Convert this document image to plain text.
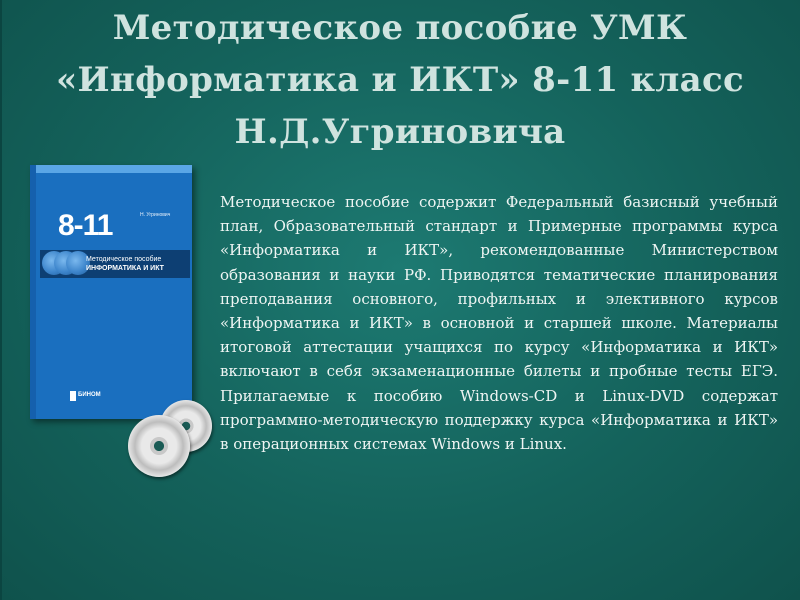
Методическое пособие УМК
«Информатика и ИКТ» 8-11 класс
Н.Д.Угриновича
8-11	Н. Угринович
Методическое пособие
ИНФОРМАТИКА И ИКТ
БИНОМ
Методическое пособие содержит Федеральный базисный учебный план, Образовательный стандарт и Примерные программы курса «Информатика и ИКТ», рекомендованные Министерством образования и науки РФ. Приводятся тематические планирования преподавания основного, профильных и элективного курсов «Информатика и ИКТ» в основной и старшей школе. Материалы итоговой аттестации учащихся по курсу «Информатика и ИКТ» включают в себя экзаменационные билеты и пробные тесты ЕГЭ. Прилагаемые к пособию Windows-CD и Linux-DVD содержат программно-методическую поддержку курса «Информатика и ИКТ» в операционных системах Windows и Linux.
